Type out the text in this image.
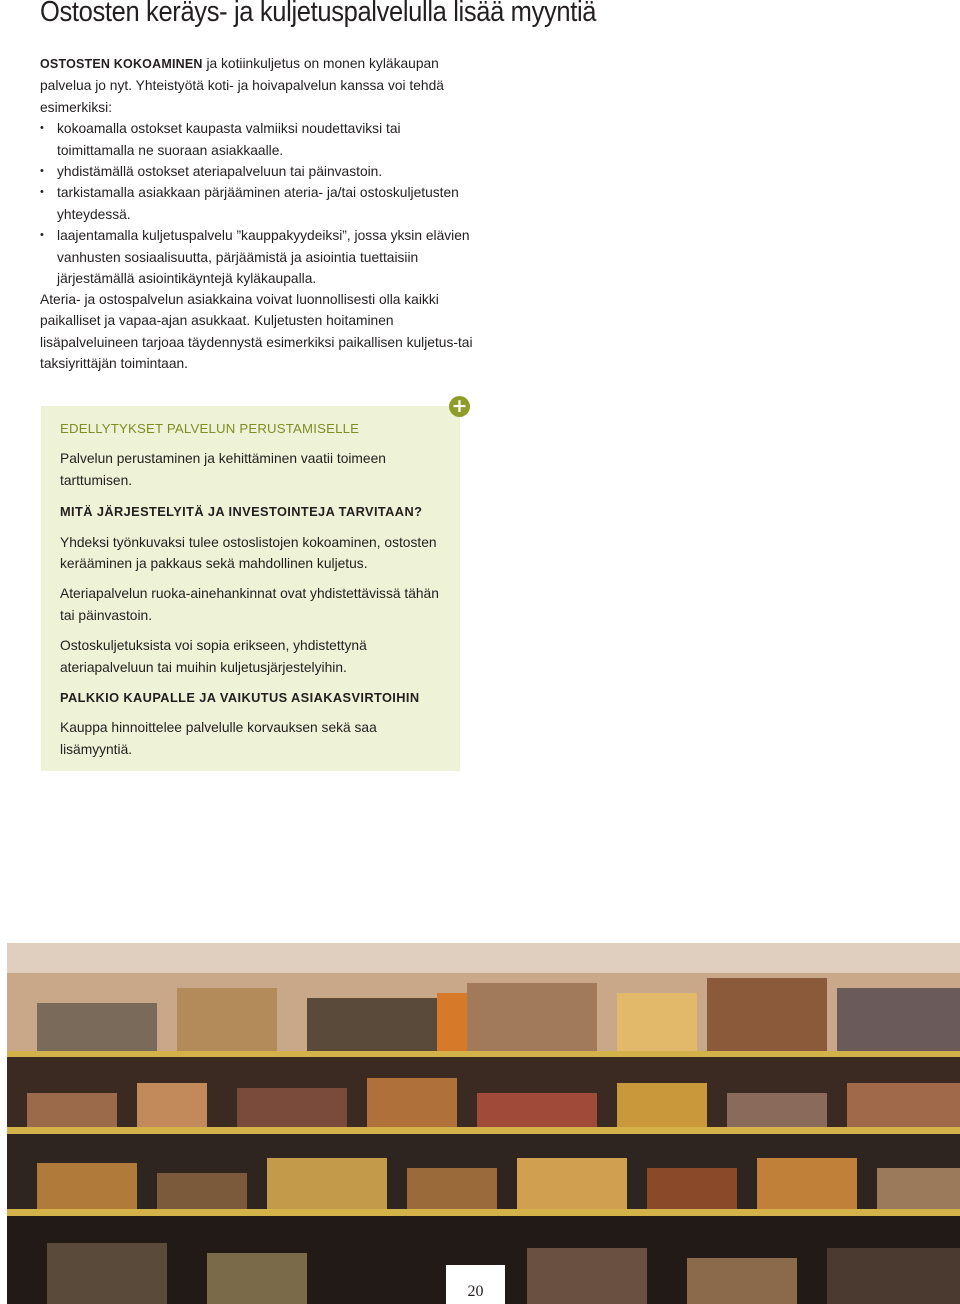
Ostosten keräys- ja kuljetuspalvelulla lisää myyntiä
OSTOSTEN KOKOAMINEN ja kotiinkuljetus on monen kyläkaupan palvelua jo nyt. Yhteistyötä koti- ja hoivapalvelun kanssa voi tehdä esimerkiksi:
• kokoamalla ostokset kaupasta valmiiksi noudettaviksi tai toimittamalla ne suoraan asiakkaalle.
• yhdistämällä ostokset ateriapalveluun tai päinvastoin.
• tarkistamalla asiakkaan pärjääminen ateria- ja/tai ostoskuljetusten yhteydessä.
• laajentamalla kuljetuspalvelu ”kauppakyydeiksi”, jossa yksin elävien vanhusten sosiaalisuutta, pärjäämistä ja asiointia tuettaisiin järjestämällä asiointikäyntejä kyläkaupalla.
Ateria- ja ostospalvelun asiakkaina voivat luonnollisesti olla kaikki paikalliset ja vapaa-ajan asukkaat. Kuljetusten hoitaminen lisäpalveluineen tarjoaa täydennystä esimerkiksi paikallisen kuljetus-tai taksiyrittäjän toimintaan.

EDELLYTYKSET PALVELUN PERUSTAMISELLE

Palvelun perustaminen ja kehittäminen vaatii toimeen tarttumisen.

MITÄ JÄRJESTELYITÄ JA INVESTOINTEJA TARVITAAN?

Yhdeksi työnkuvaksi tulee ostoslistojen kokoaminen, ostosten kerääminen ja pakkaus sekä mahdollinen kuljetus.

Ateriapalvelun ruoka-ainehankinnat ovat yhdistettävissä tähän tai päinvastoin.

Ostoskuljetuksista voi sopia erikseen, yhdistettynä ateriapalveluun tai muihin kuljetusjärjestelyihin.

PALKKIO KAUPALLE JA VAIKUTUS ASIAKASVIRTOIHIN

Kauppa hinnoittelee palvelulle korvauksen sekä saa lisämyyntiä.

+
20
